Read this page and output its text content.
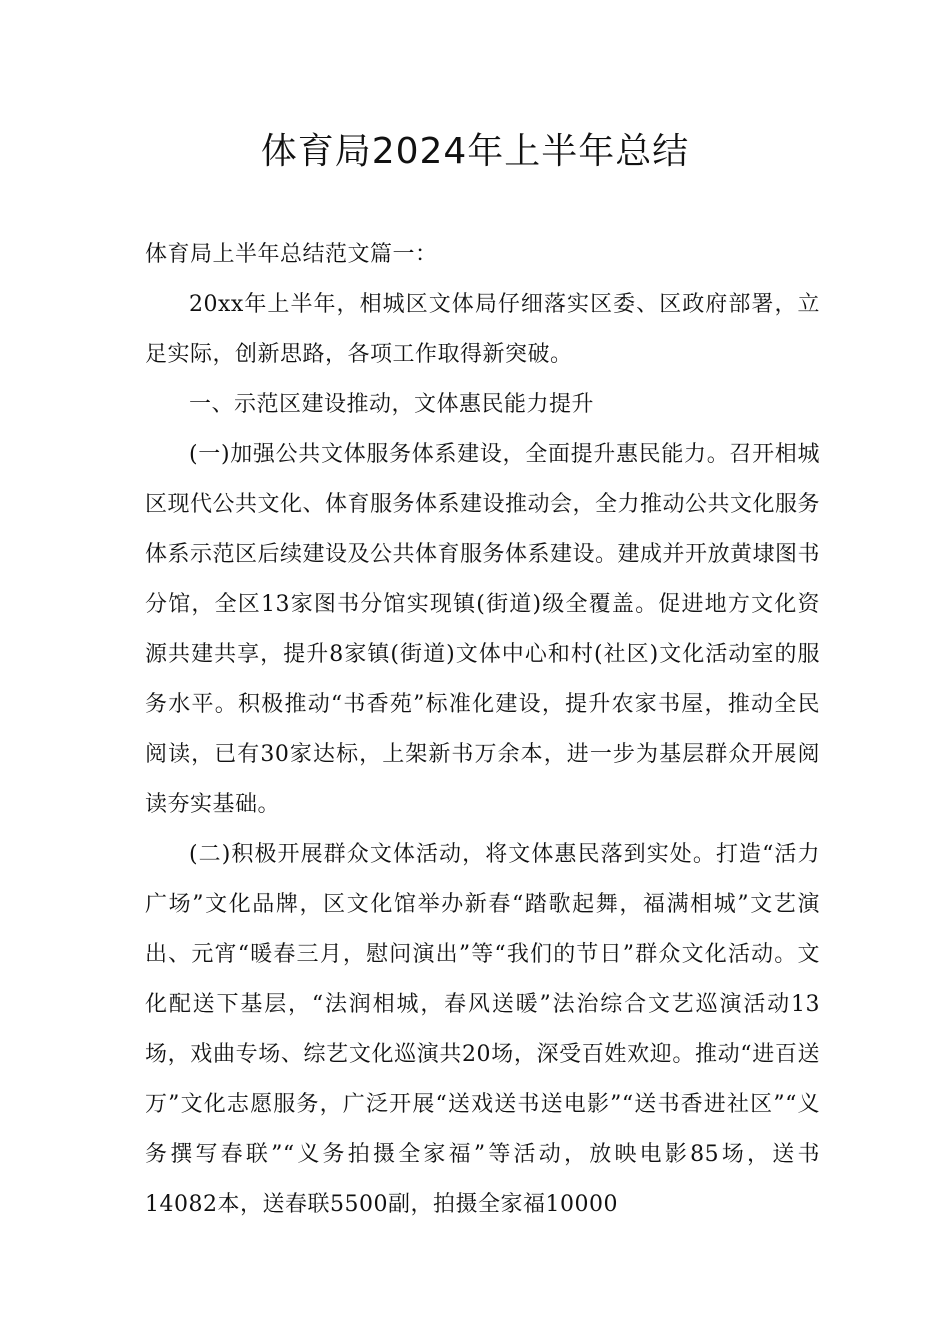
体育局2024年上半年总结

体育局上半年总结范文篇一：

20xx年上半年，相城区文体局仔细落实区委、区政府部署，立足实际，创新思路，各项工作取得新突破。

一、示范区建设推动，文体惠民能力提升

(一)加强公共文体服务体系建设，全面提升惠民能力。召开相城区现代公共文化、体育服务体系建设推动会，全力推动公共文化服务体系示范区后续建设及公共体育服务体系建设。建成并开放黄埭图书分馆，全区13家图书分馆实现镇(街道)级全覆盖。促进地方文化资源共建共享，提升8家镇(街道)文体中心和村(社区)文化活动室的服务水平。积极推动“书香苑”标准化建设，提升农家书屋，推动全民阅读，已有30家达标，上架新书万余本，进一步为基层群众开展阅读夯实基础。

(二)积极开展群众文体活动，将文体惠民落到实处。打造“活力广场”文化品牌，区文化馆举办新春“踏歌起舞，福满相城”文艺演出、元宵“暖春三月，慰问演出”等“我们的节日”群众文化活动。文化配送下基层，“法润相城，春风送暖”法治综合文艺巡演活动13场，戏曲专场、综艺文化巡演共20场，深受百姓欢迎。推动“进百送万”文化志愿服务，广泛开展“送戏送书送电影”“送书香进社区”“义务撰写春联”“义务拍摄全家福”等活动，放映电影85场，送书14082本，送春联5500副，拍摄全家福10000
